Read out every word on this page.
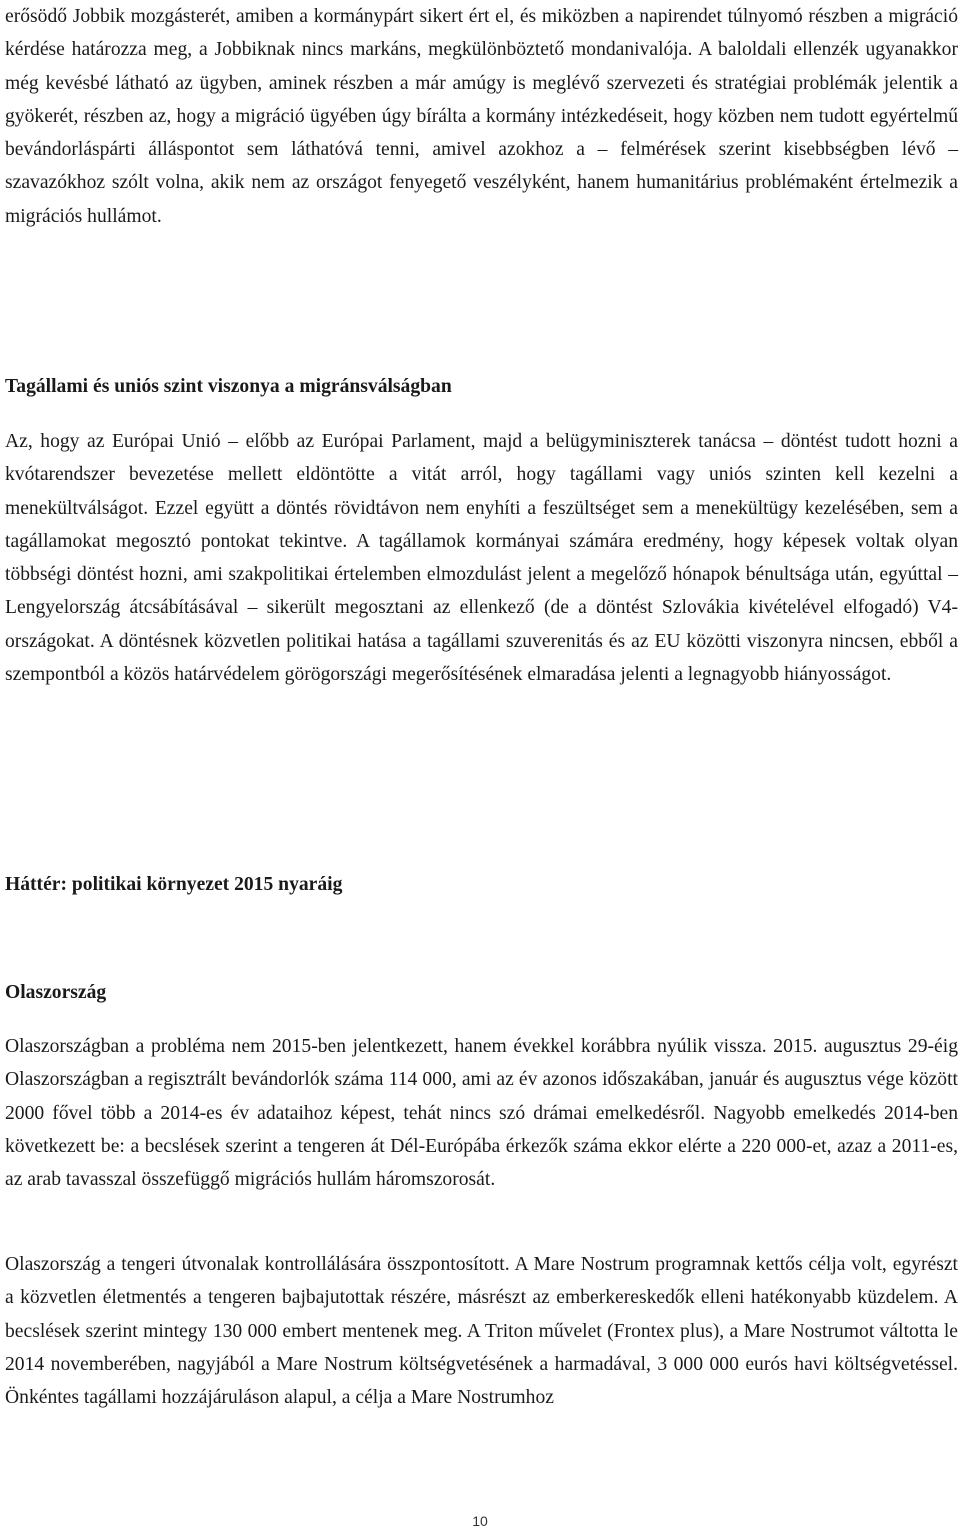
erősödő Jobbik mozgásterét, amiben a kormánypárt sikert ért el, és miközben a napirendet túlnyomó részben a migráció kérdése határozza meg, a Jobbiknak nincs markáns, megkülönböztető mondanivalója. A baloldali ellenzék ugyanakkor még kevésbé látható az ügyben, aminek részben a már amúgy is meglévő szervezeti és stratégiai problémák jelentik a gyökerét, részben az, hogy a migráció ügyében úgy bírálta a kormány intézkedéseit, hogy közben nem tudott egyértelmű bevándorláspárti álláspontot sem láthatóvá tenni, amivel azokhoz a – felmérések szerint kisebbségben lévő – szavazókhoz szólt volna, akik nem az országot fenyegető veszélyként, hanem humanitárius problémaként értelmezik a migrációs hullámot.

Tagállami és uniós szint viszonya a migránsválságban

Az, hogy az Európai Unió – előbb az Európai Parlament, majd a belügyminiszterek tanácsa – döntést tudott hozni a kvótarendszer bevezetése mellett eldöntötte a vitát arról, hogy tagállami vagy uniós szinten kell kezelni a menekültválságot. Ezzel együtt a döntés rövidtávon nem enyhíti a feszültséget sem a menekültügy kezelésében, sem a tagállamokat megosztó pontokat tekintve. A tagállamok kormányai számára eredmény, hogy képesek voltak olyan többségi döntést hozni, ami szakpolitikai értelemben elmozdulást jelent a megelőző hónapok bénultsága után, egyúttal – Lengyelország átcsábításával – sikerült megosztani az ellenkező (de a döntést Szlovákia kivételével elfogadó) V4-országokat. A döntésnek közvetlen politikai hatása a tagállami szuverenitás és az EU közötti viszonyra nincsen, ebből a szempontból a közös határvédelem görögországi megerősítésének elmaradása jelenti a legnagyobb hiányosságot.

Háttér: politikai környezet 2015 nyaráig
Olaszország

Olaszországban a probléma nem 2015-ben jelentkezett, hanem évekkel korábbra nyúlik vissza. 2015. augusztus 29-éig Olaszországban a regisztrált bevándorlók száma 114 000, ami az év azonos időszakában, január és augusztus vége között 2000 fővel több a 2014-es év adataihoz képest, tehát nincs szó drámai emelkedésről. Nagyobb emelkedés 2014-ben következett be: a becslések szerint a tengeren át Dél-Európába érkezők száma ekkor elérte a 220 000-et, azaz a 2011-es, az arab tavasszal összefüggő migrációs hullám háromszorosát.

Olaszország a tengeri útvonalak kontrollálására összpontosított. A Mare Nostrum programnak kettős célja volt, egyrészt a közvetlen életmentés a tengeren bajbajutottak részére, másrészt az emberkereskedők elleni hatékonyabb küzdelem. A becslések szerint mintegy 130 000 embert mentenek meg. A Triton művelet (Frontex plus), a Mare Nostrumot váltotta le 2014 novemberében, nagyjából a Mare Nostrum költségvetésének a harmadával, 3 000 000 eurós havi költségvetéssel. Önkéntes tagállami hozzájáruláson alapul, a célja a Mare Nostrumhoz

10
